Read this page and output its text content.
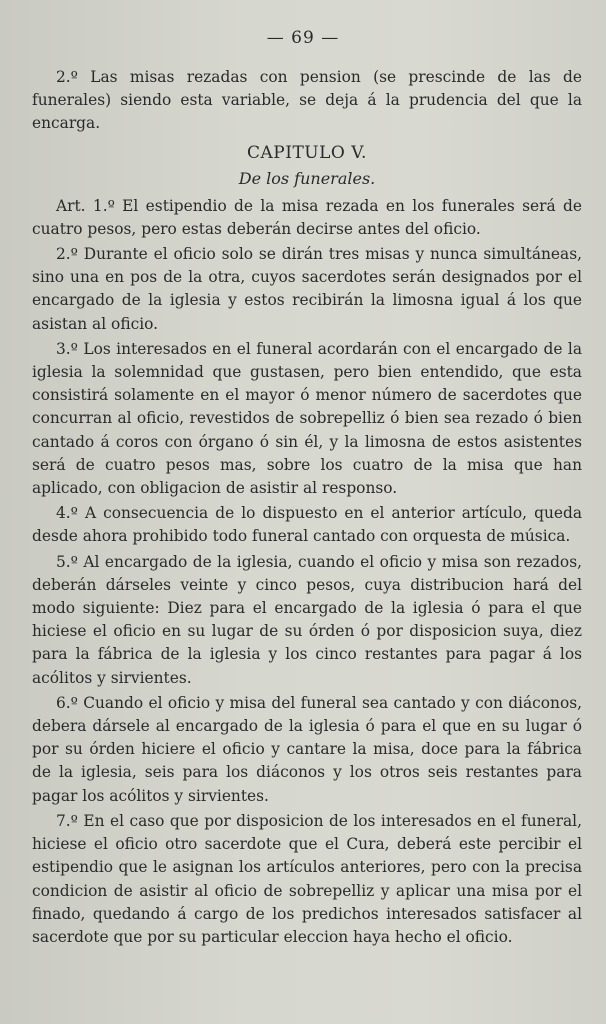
— 69 —

2.º Las misas rezadas con pension (se prescinde de las de funerales) siendo esta variable, se deja á la prudencia del que la encarga.

CAPITULO V.
De los funerales.

Art. 1.º El estipendio de la misa rezada en los funerales será de cuatro pesos, pero estas deberán decirse antes del oficio.

2.º Durante el oficio solo se dirán tres misas y nunca simultáneas, sino una en pos de la otra, cuyos sacerdotes serán designados por el encargado de la iglesia y estos recibirán la limosna igual á los que asistan al oficio.

3.º Los interesados en el funeral acordarán con el encargado de la iglesia la solemnidad que gustasen, pero bien entendido, que esta consistirá solamente en el mayor ó menor número de sacerdotes que concurran al oficio, revestidos de sobrepelliz ó bien sea rezado ó bien cantado á coros con órgano ó sin él, y la limosna de estos asistentes será de cuatro pesos mas, sobre los cuatro de la misa que han aplicado, con obligacion de asistir al responso.

4.º A consecuencia de lo dispuesto en el anterior artículo, queda desde ahora prohibido todo funeral cantado con orquesta de música.

5.º Al encargado de la iglesia, cuando el oficio y misa son rezados, deberán dárseles veinte y cinco pesos, cuya distribucion hará del modo siguiente: Diez para el encargado de la iglesia ó para el que hiciese el oficio en su lugar de su órden ó por disposicion suya, diez para la fábrica de la iglesia y los cinco restantes para pagar á los acólitos y sirvientes.

6.º Cuando el oficio y misa del funeral sea cantado y con diáconos, debera dársele al encargado de la iglesia ó para el que en su lugar ó por su órden hiciere el oficio y cantare la misa, doce para la fábrica de la iglesia, seis para los diáconos y los otros seis restantes para pagar los acólitos y sirvientes.

7.º En el caso que por disposicion de los interesados en el funeral, hiciese el oficio otro sacerdote que el Cura, deberá este percibir el estipendio que le asignan los artículos anteriores, pero con la precisa condicion de asistir al oficio de sobrepelliz y aplicar una misa por el finado, quedando á cargo de los predichos interesados satisfacer al sacerdote que por su particular eleccion haya hecho el oficio.
